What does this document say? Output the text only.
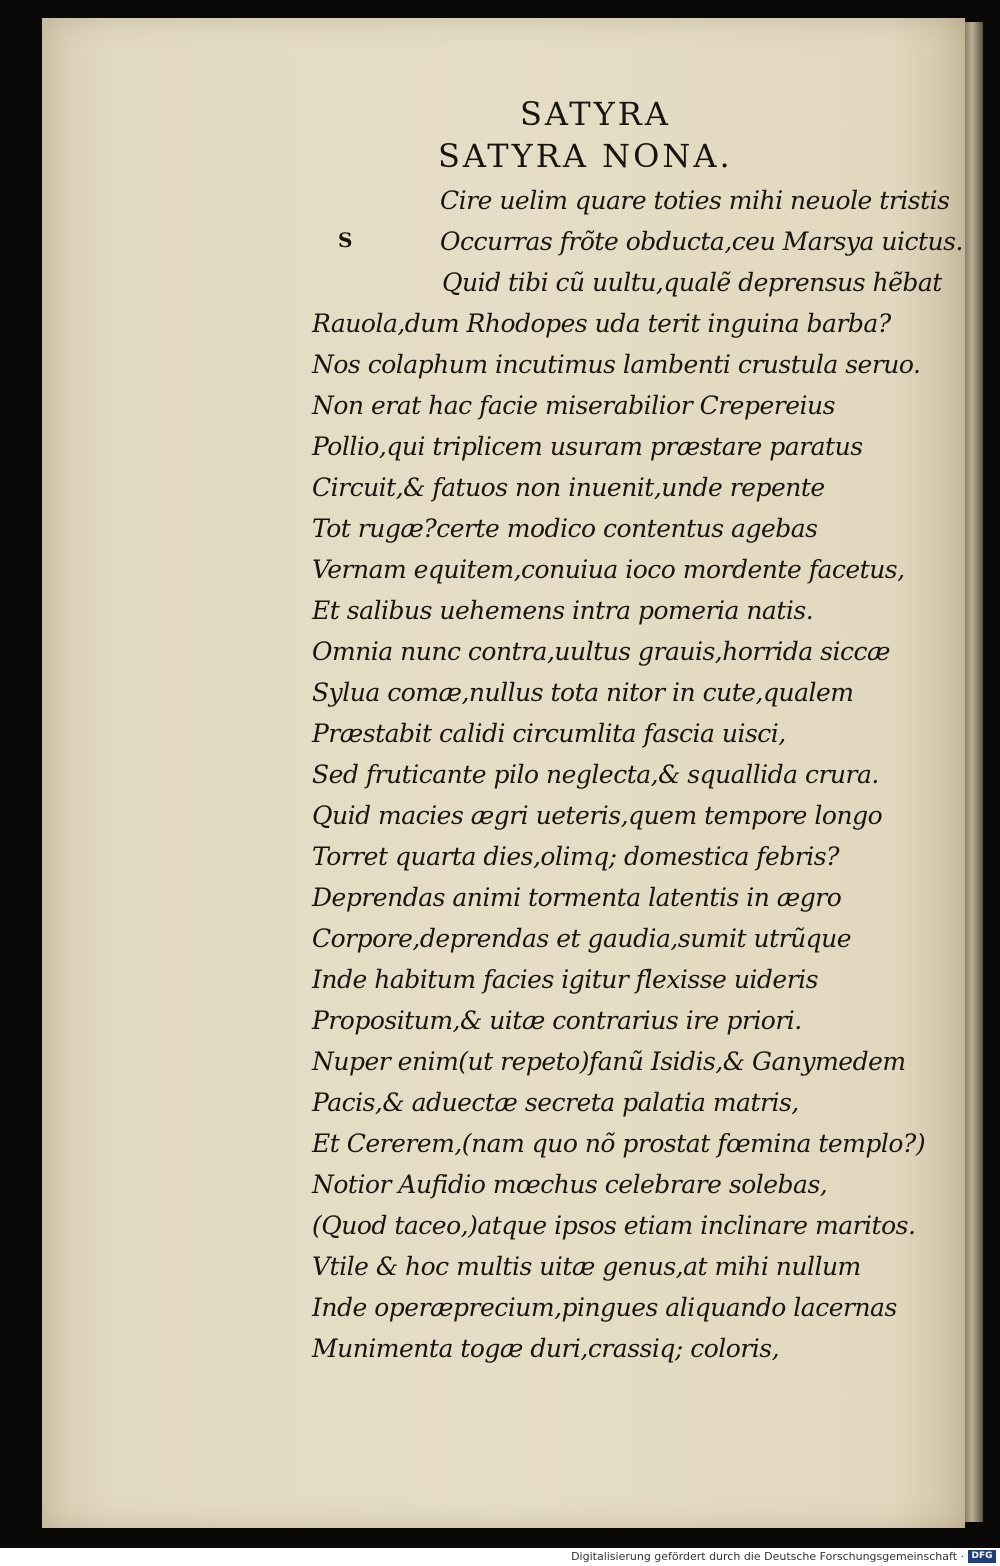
SATYRA
SATYRA NONA.
S
Cire uelim quare toties mihi neuole tristis
Occurras frõte obducta,ceu Marsya uictus.
Quid tibi cũ uultu,qualẽ deprensus hẽbat
Rauola,dum Rhodopes uda terit inguina barba?
Nos colaphum incutimus lambenti crustula seruo.
Non erat hac facie miserabilior Crepereius
Pollio,qui triplicem usuram præstare paratus
Circuit,& fatuos non inuenit,unde repente
Tot rugæ?certe modico contentus agebas
Vernam equitem,conuiua ioco mordente facetus,
Et salibus uehemens intra pomeria natis.
Omnia nunc contra,uultus grauis,horrida siccæ
Sylua comæ,nullus tota nitor in cute,qualem
Præstabit calidi circumlita fascia uisci,
Sed fruticante pilo neglecta,& squallida crura.
Quid macies ægri ueteris,quem tempore longo
Torret quarta dies,olimq; domestica febris?
Deprendas animi tormenta latentis in ægro
Corpore,deprendas et gaudia,sumit utrũque
Inde habitum facies igitur flexisse uideris
Propositum,& uitæ contrarius ire priori.
Nuper enim(ut repeto)fanũ Isidis,& Ganymedem
Pacis,& aduectæ secreta palatia matris,
Et Cererem,(nam quo nõ prostat fœmina templo?)
Notior Aufidio mœchus celebrare solebas,
(Quod taceo,)atque ipsos etiam inclinare maritos.
Vtile & hoc multis uitæ genus,at mihi nullum
Inde operæprecium,pingues aliquando lacernas
Munimenta togæ duri,crassiq; coloris,
Digitalisierung gefördert durch die Deutsche Forschungsgemeinschaft · DFG
